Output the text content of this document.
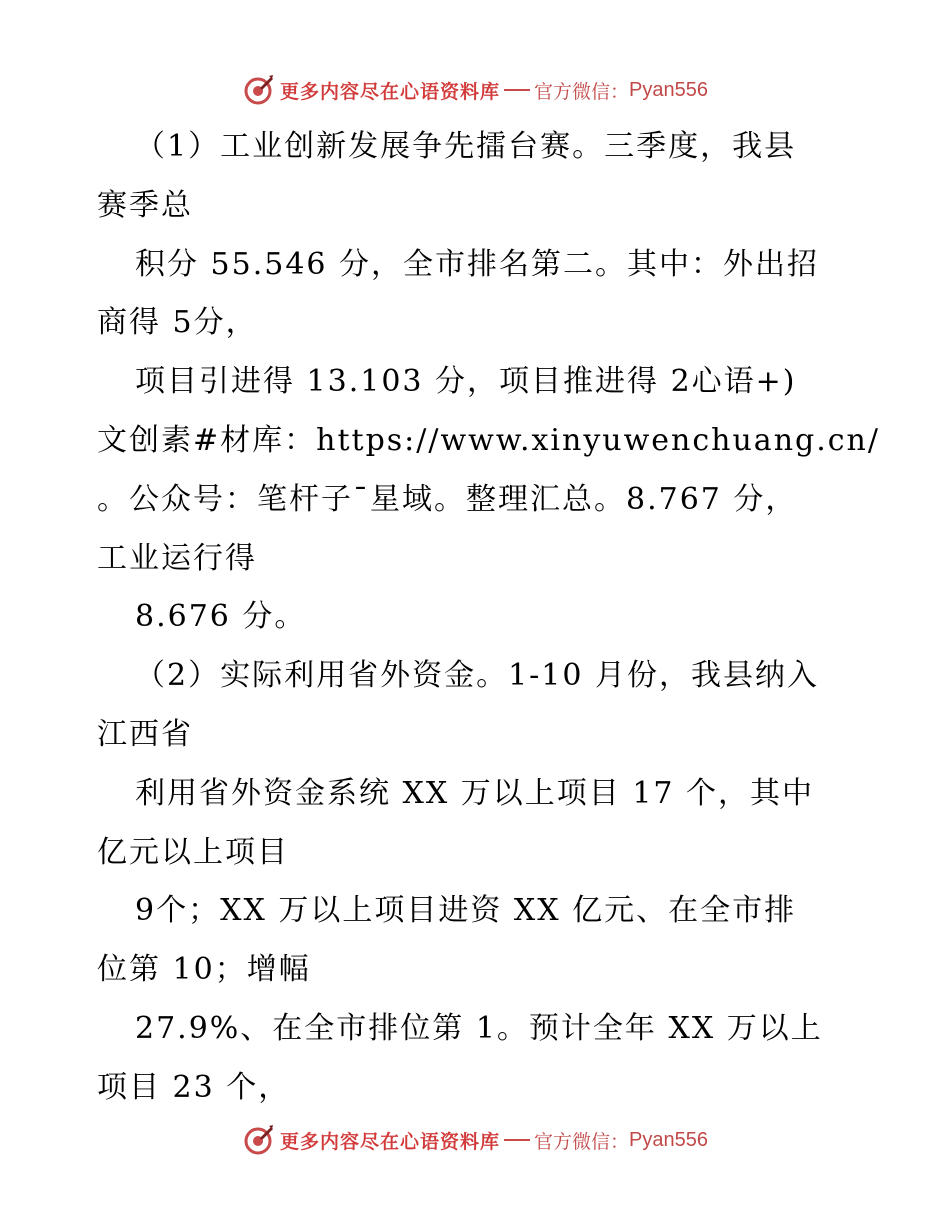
更多内容尽在心语资料库 官方微信： Pyan556
（1）工业创新发展争先擂台赛。三季度，我县
赛季总
积分 55.546 分，全市排名第二。其中：外出招
商得 5分，
项目引进得 13.103 分，项目推进得 2心语+)
文创素#材库：https://www.xinyuwenchuang.cn/
。公众号：笔杆子¯星域。整理汇总。8.767 分，
工业运行得
8.676 分。
（2）实际利用省外资金。1-10 月份，我县纳入
江西省
利用省外资金系统 XX 万以上项目 17 个，其中
亿元以上项目
9个；XX 万以上项目进资 XX 亿元、在全市排
位第 10；增幅
27.9%、在全市排位第 1。预计全年 XX 万以上
项目 23 个，
更多内容尽在心语资料库 官方微信： Pyan556
